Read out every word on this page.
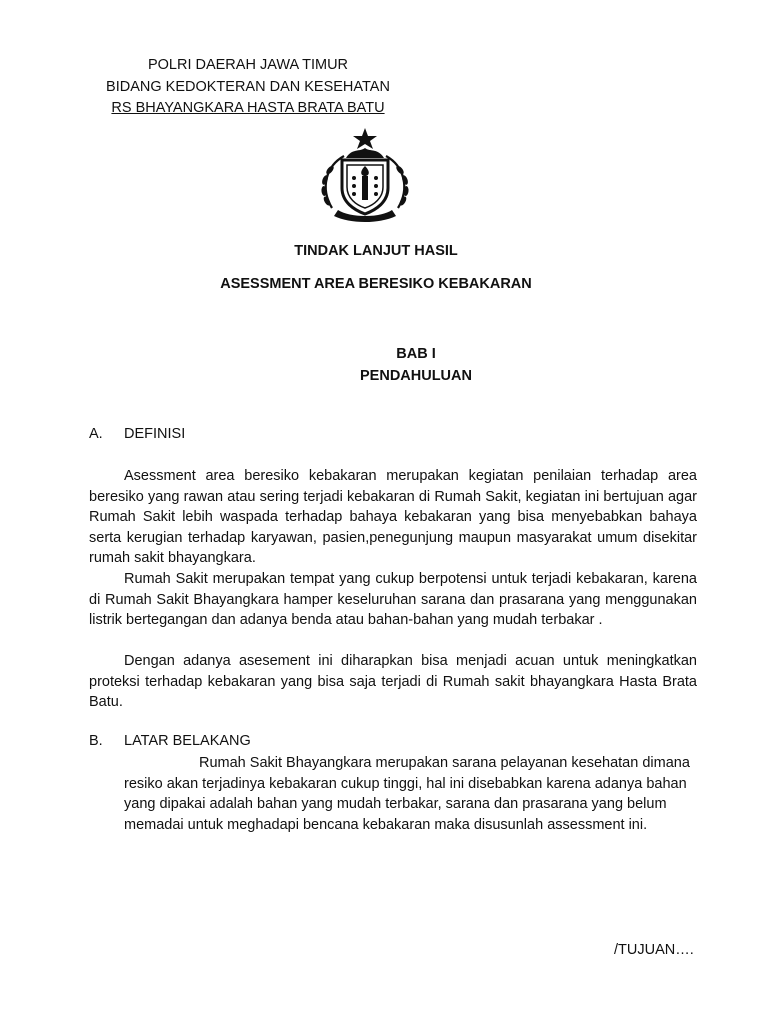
POLRI DAERAH JAWA TIMUR
BIDANG KEDOKTERAN DAN KESEHATAN
RS BHAYANGKARA HASTA BRATA BATU
TINDAK LANJUT HASIL
ASESSMENT AREA BERESIKO KEBAKARAN
BAB I
PENDAHULUAN
A. DEFINISI

Asessment area beresiko kebakaran merupakan kegiatan penilaian terhadap area beresiko yang rawan atau sering terjadi kebakaran di Rumah Sakit, kegiatan ini bertujuan agar Rumah Sakit lebih waspada terhadap bahaya kebakaran yang bisa menyebabkan bahaya serta kerugian terhadap karyawan, pasien,penegunjung maupun masyarakat umum disekitar rumah sakit bhayangkara.

Rumah Sakit merupakan tempat yang cukup berpotensi untuk terjadi kebakaran, karena di Rumah Sakit Bhayangkara hamper keseluruhan sarana dan prasarana yang menggunakan listrik bertegangan dan adanya benda atau bahan-bahan yang mudah terbakar .

Dengan adanya asesement ini diharapkan bisa menjadi acuan untuk meningkatkan proteksi terhadap kebakaran yang bisa saja terjadi di Rumah sakit bhayangkara Hasta Brata Batu.

B. LATAR BELAKANG

Rumah Sakit Bhayangkara merupakan sarana pelayanan kesehatan dimana resiko akan terjadinya kebakaran cukup tinggi, hal ini disebabkan karena adanya bahan yang dipakai adalah bahan yang mudah terbakar, sarana dan prasarana yang belum memadai untuk meghadapi bencana kebakaran maka disusunlah assessment ini.

/TUJUAN….
